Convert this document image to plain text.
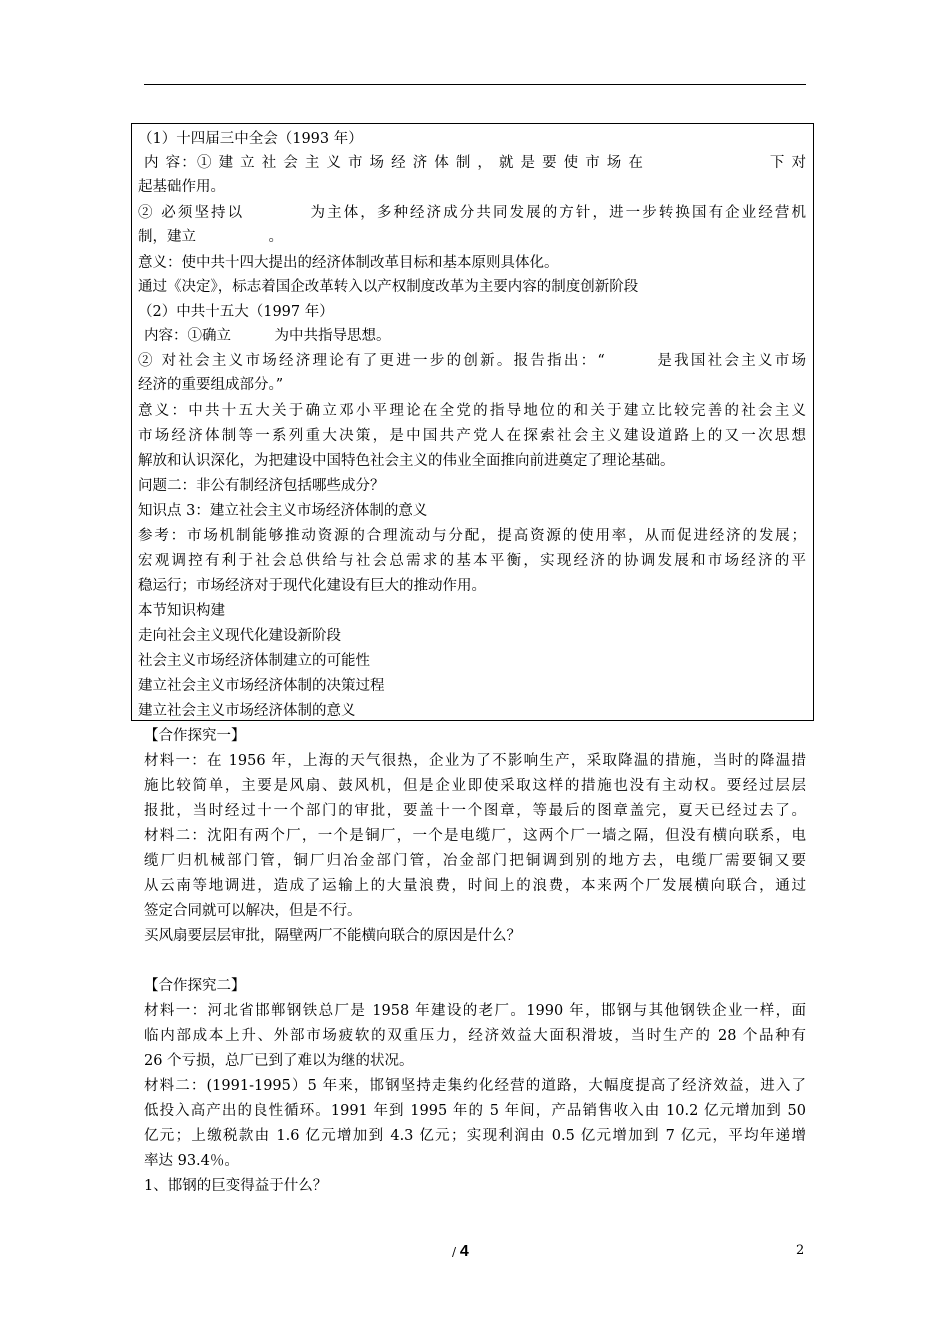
（1）十四届三中全会（1993 年）
内 容：① 建 立 社 会 主 义 市 场 经 济 体 制 ， 就 是 要 使 市 场 在　　　　　　　　下 对
起基础作用。
② 必须坚持以　　　　为主体，多种经济成分共同发展的方针，进一步转换国有企业经营机
制，建立　　　　　。
意义：使中共十四大提出的经济体制改革目标和基本原则具体化。
通过《决定》，标志着国企改革转入以产权制度改革为主要内容的制度创新阶段
（2）中共十五大（1997 年）
内容：①确立　　　为中共指导思想。
② 对社会主义市场经济理论有了更进一步的创新。报告指出：“　　　是我国社会主义市场
经济的重要组成部分。”
意义：中共十五大关于确立邓小平理论在全党的指导地位的和关于建立比较完善的社会主义
市场经济体制等一系列重大决策，是中国共产党人在探索社会主义建设道路上的又一次思想
解放和认识深化，为把建设中国特色社会主义的伟业全面推向前进奠定了理论基础。
问题二：非公有制经济包括哪些成分？
知识点 3：建立社会主义市场经济体制的意义
参考：市场机制能够推动资源的合理流动与分配，提高资源的使用率，从而促进经济的发展；
宏观调控有利于社会总供给与社会总需求的基本平衡，实现经济的协调发展和市场经济的平
稳运行；市场经济对于现代化建设有巨大的推动作用。
本节知识构建
走向社会主义现代化建设新阶段
社会主义市场经济体制建立的可能性
建立社会主义市场经济体制的决策过程
建立社会主义市场经济体制的意义
【合作探究一】
材料一：在 1956 年，上海的天气很热，企业为了不影响生产，采取降温的措施，当时的降温措
施比较简单，主要是风扇、鼓风机，但是企业即使采取这样的措施也没有主动权。要经过层层
报批，当时经过十一个部门的审批，要盖十一个图章，等最后的图章盖完，夏天已经过去了。
材料二：沈阳有两个厂，一个是铜厂，一个是电缆厂，这两个厂一墙之隔，但没有横向联系，电
缆厂归机械部门管，铜厂归冶金部门管，冶金部门把铜调到别的地方去，电缆厂需要铜又要
从云南等地调进，造成了运输上的大量浪费，时间上的浪费，本来两个厂发展横向联合，通过
签定合同就可以解决，但是不行。
买风扇要层层审批，隔壁两厂不能横向联合的原因是什么？
【合作探究二】
材料一：河北省邯郸钢铁总厂是 1958 年建设的老厂。1990 年，邯钢与其他钢铁企业一样，面
临内部成本上升、外部市场疲软的双重压力，经济效益大面积滑坡，当时生产的 28 个品种有
26 个亏损，总厂已到了难以为继的状况。
材料二：(1991-1995）5 年来，邯钢坚持走集约化经营的道路，大幅度提高了经济效益，进入了
低投入高产出的良性循环。1991 年到 1995 年的 5 年间，产品销售收入由 10.2 亿元增加到 50
亿元；上缴税款由 1.6 亿元增加到 4.3 亿元；实现利润由 0.5 亿元增加到 7 亿元，平均年递增
率达 93.4％。
1、邯钢的巨变得益于什么？
/ 4	2
